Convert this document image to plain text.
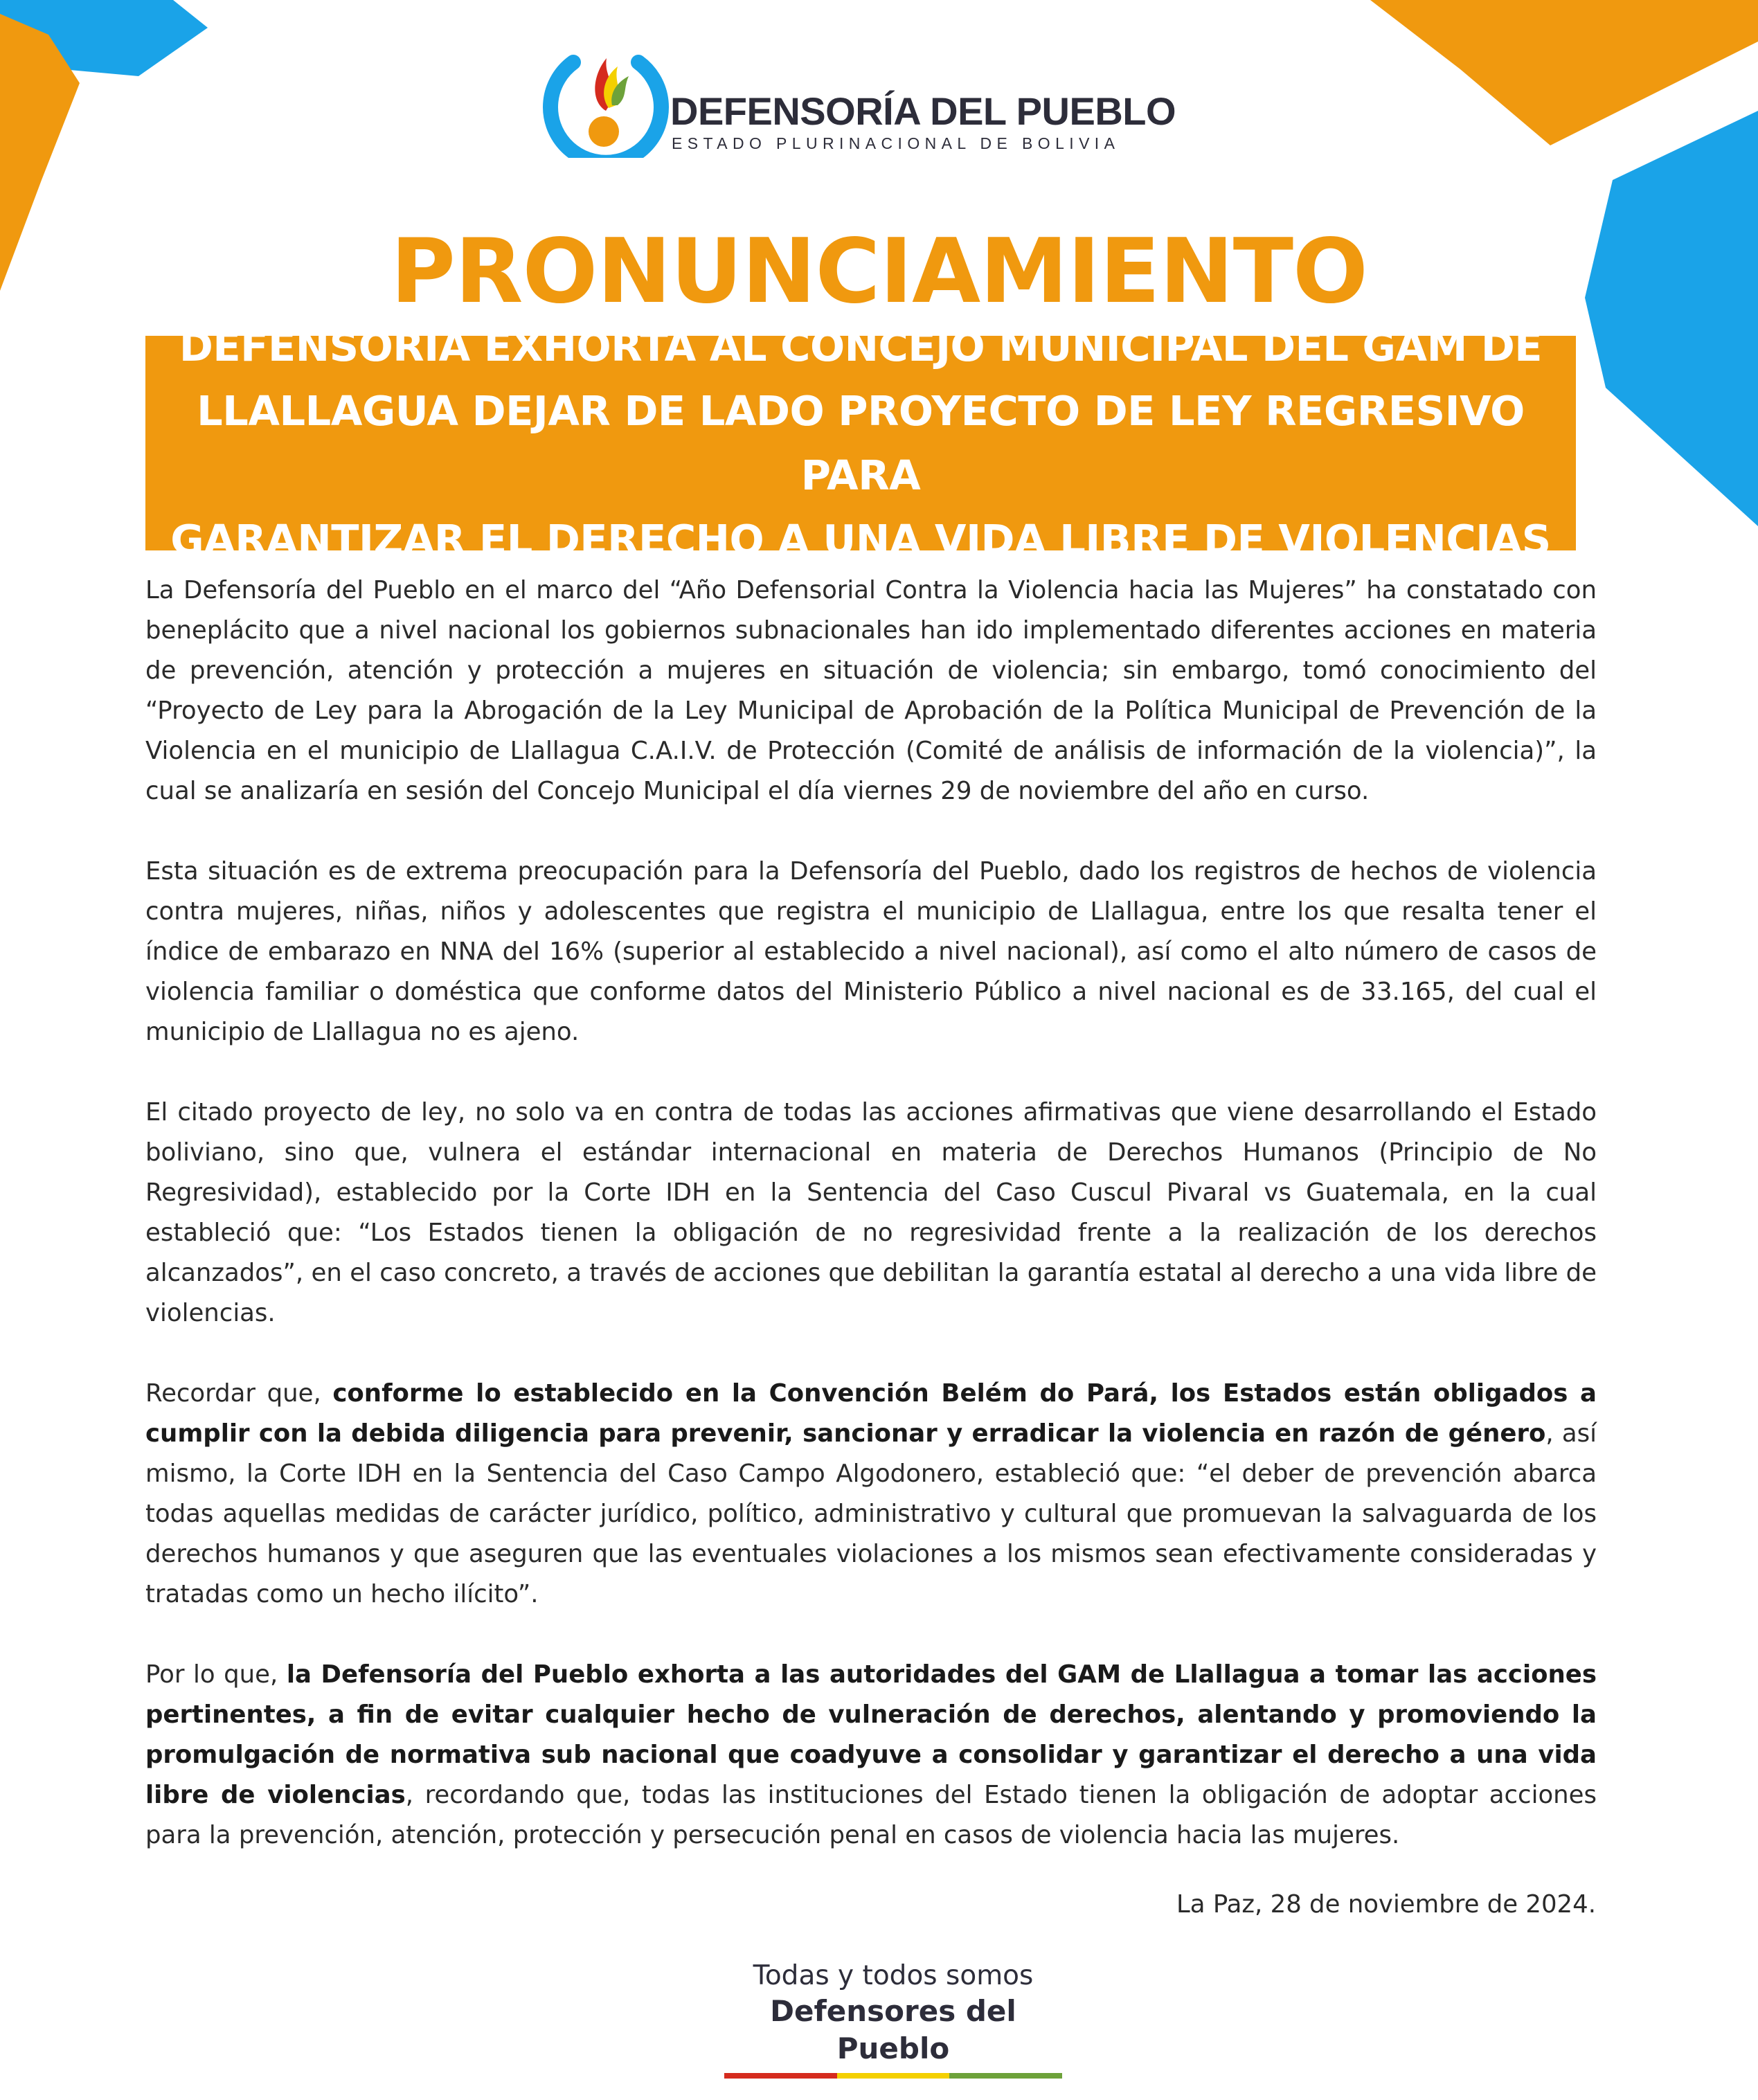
DEFENSORÍA DEL PUEBLO
ESTADO PLURINACIONAL DE BOLIVIA
PRONUNCIAMIENTO
DEFENSORÍA EXHORTA AL CONCEJO MUNICIPAL DEL GAM DE
LLALLAGUA DEJAR DE LADO PROYECTO DE LEY REGRESIVO PARA
GARANTIZAR EL DERECHO A UNA VIDA LIBRE DE VIOLENCIAS

La Defensoría del Pueblo en el marco del “Año Defensorial Contra la Violencia hacia las Mujeres” ha constatado con beneplácito que a nivel nacional los gobiernos subnacionales han ido implementado diferentes acciones en materia de prevención, atención y protección a mujeres en situación de violencia; sin embargo, tomó conocimiento del “Proyecto de Ley para la Abrogación de la Ley Municipal de Aprobación de la Política Municipal de Prevención de la Violencia en el municipio de Llallagua C.A.I.V. de Protección (Comité de análisis de información de la violencia)”, la cual se analizaría en sesión del Concejo Municipal el día viernes 29 de noviembre del año en curso.

Esta situación es de extrema preocupación para la Defensoría del Pueblo, dado los registros de hechos de violencia contra mujeres, niñas, niños y adolescentes que registra el municipio de Llallagua, entre los que resalta tener el índice de embarazo en NNA del 16% (superior al establecido a nivel nacional), así como el alto número de casos de violencia familiar o doméstica que conforme datos del Ministerio Público a nivel nacional es de 33.165, del cual el municipio de Llallagua no es ajeno.

El citado proyecto de ley, no solo va en contra de todas las acciones afirmativas que viene desarrollando el Estado boliviano, sino que, vulnera el estándar internacional en materia de Derechos Humanos (Principio de No Regresividad), establecido por la Corte IDH en la Sentencia del Caso Cuscul Pivaral vs Guatemala, en la cual estableció que: “Los Estados tienen la obligación de no regresividad frente a la realización de los derechos alcanzados”, en el caso concreto, a través de acciones que debilitan la garantía estatal al derecho a una vida libre de violencias.

Recordar que, conforme lo establecido en la Convención Belém do Pará, los Estados están obligados a cumplir con la debida diligencia para prevenir, sancionar y erradicar la violencia en razón de género, así mismo, la Corte IDH en la Sentencia del Caso Campo Algodonero, estableció que: “el deber de prevención abarca todas aquellas medidas de carácter jurídico, político, administrativo y cultural que promuevan la salvaguarda de los derechos humanos y que aseguren que las eventuales violaciones a los mismos sean efectivamente consideradas y tratadas como un hecho ilícito”.

Por lo que, la Defensoría del Pueblo exhorta a las autoridades del GAM de Llallagua a tomar las acciones pertinentes, a fin de evitar cualquier hecho de vulneración de derechos, alentando y promoviendo la promulgación de normativa sub nacional que coadyuve a consolidar y garantizar el derecho a una vida libre de violencias, recordando que, todas las instituciones del Estado tienen la obligación de adoptar acciones para la prevención, atención, protección y persecución penal en casos de violencia hacia las mujeres.

La Paz, 28 de noviembre de 2024.
Todas y todos somos
Defensores del Pueblo
